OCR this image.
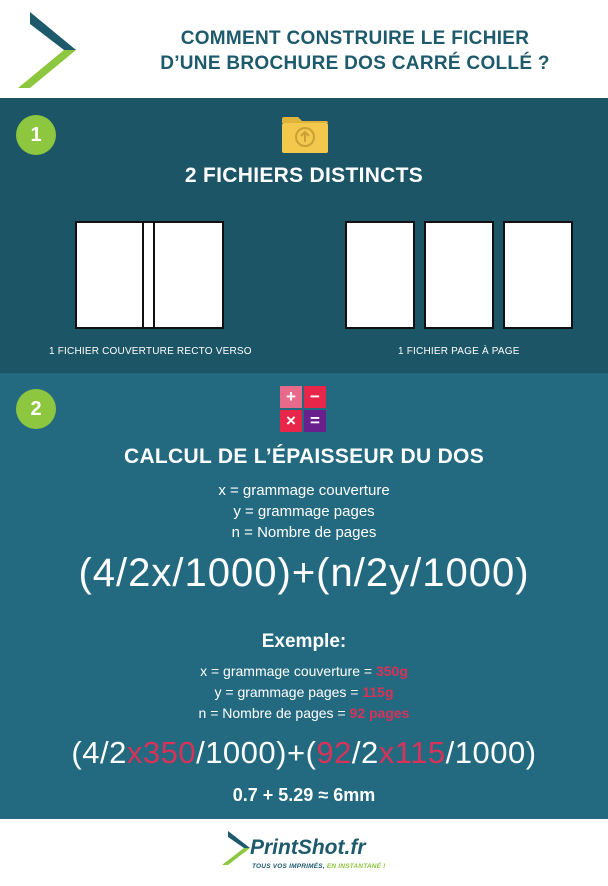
COMMENT CONSTRUIRE LE FICHIER
D’UNE BROCHURE DOS CARRÉ COLLÉ ?
1
2 FICHIERS DISTINCTS
1 FICHIER COUVERTURE RECTO VERSO	1 FICHIER PAGE À PAGE
2
+ −
× =
CALCUL DE L’ÉPAISSEUR DU DOS
x = grammage couverture
y = grammage pages
n = Nombre de pages
(4/2x/1000)+(n/2y/1000)
Exemple:
x = grammage couverture = 350g
y = grammage pages = 115g
n = Nombre de pages = 92 pages
(4/2x350/1000)+(92/2x115/1000)
0.7 + 5.29 ≈ 6mm
PrintShot.fr
TOUS VOS IMPRIMÉS, EN INSTANTANÉ !
